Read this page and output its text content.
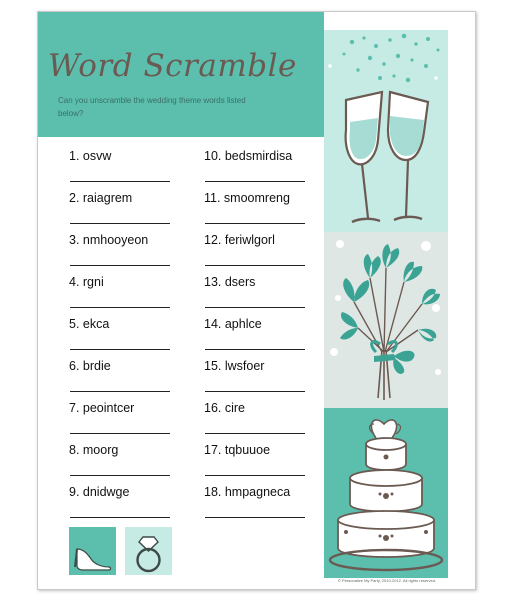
Word Scramble
Can you unscramble the wedding theme words listed below?
1. osvw
2. raiagrem
3. nmhooyeon
4. rgni
5. ekca
6. brdie
7. peointcer
8. moorg
9. dnidwge
10. bedsmirdisa
11. smoomreng
12. feriwlgorl
13. dsers
14. aphlce
15. lwsfoer
16. cire
17. tqbuuoe
18. hmpagneca
© Personalize My Party, 2010-2012. All rights reserved.
